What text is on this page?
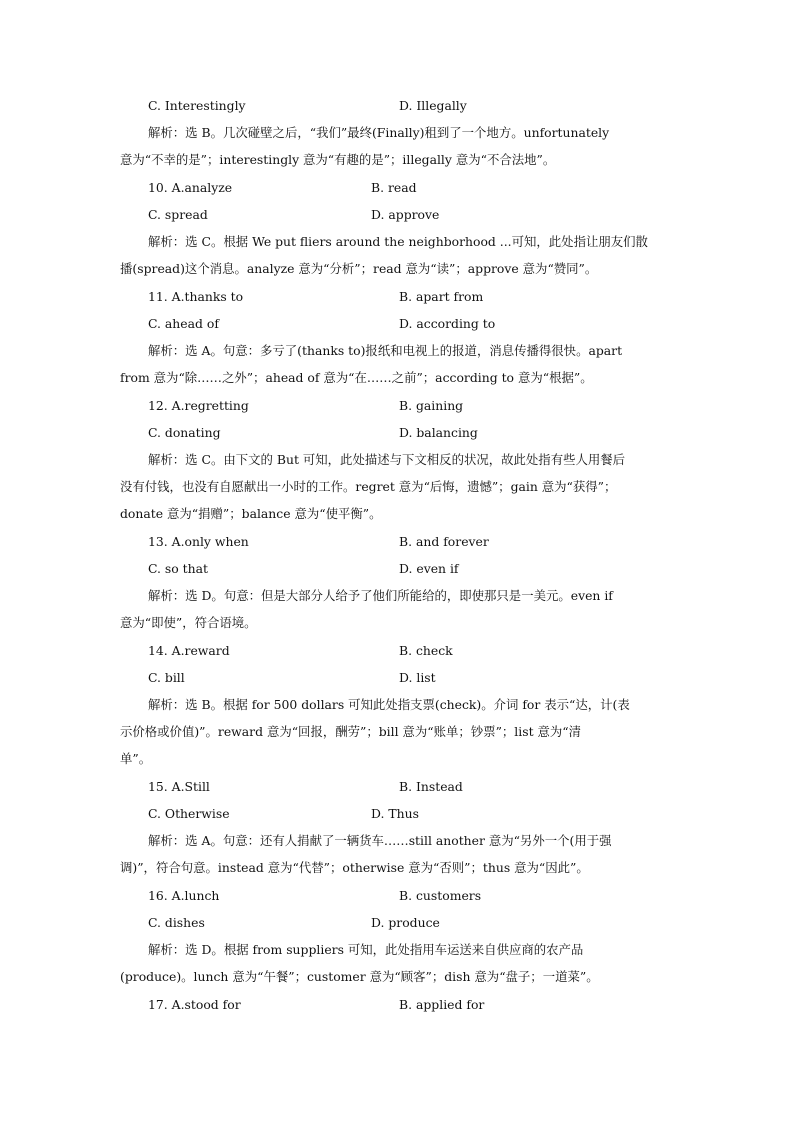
C. Interestingly	D. Illegally
解析：选 B。几次碰壁之后，“我们”最终(Finally)租到了一个地方。unfortunately
意为“不幸的是”；interestingly 意为“有趣的是”；illegally 意为“不合法地”。
10. A.analyze	B. read
C. spread	D. approve
解析：选 C。根据 We put fliers around the neighborhood ...可知，此处指让朋友们散
播(spread)这个消息。analyze 意为“分析”；read 意为“读”；approve 意为“赞同”。
11. A.thanks to	B. apart from
C. ahead of	D. according to
解析：选 A。句意：多亏了(thanks to)报纸和电视上的报道，消息传播得很快。apart
from 意为“除……之外”；ahead of 意为“在……之前”；according to 意为“根据”。
12. A.regretting	B. gaining
C. donating	D. balancing
解析：选 C。由下文的 But 可知，此处描述与下文相反的状况，故此处指有些人用餐后
没有付钱，也没有自愿献出一小时的工作。regret 意为“后悔，遗憾”；gain 意为“获得”；
donate 意为“捐赠”；balance 意为“使平衡”。
13. A.only when	B. and forever
C. so that	D. even if
解析：选 D。句意：但是大部分人给予了他们所能给的，即使那只是一美元。even if
意为“即使”，符合语境。
14. A.reward	B. check
C. bill	D. list
解析：选 B。根据 for 500 dollars 可知此处指支票(check)。介词 for 表示“达，计(表
示价格或价值)”。reward 意为“回报，酬劳”；bill 意为“账单；钞票”；list 意为“清
单”。
15. A.Still	B. Instead
C. Otherwise	D. Thus
解析：选 A。句意：还有人捐献了一辆货车……still another 意为“另外一个(用于强
调)”，符合句意。instead 意为“代替”；otherwise 意为“否则”；thus 意为“因此”。
16. A.lunch	B. customers
C. dishes	D. produce
解析：选 D。根据 from suppliers 可知，此处指用车运送来自供应商的农产品
(produce)。lunch 意为“午餐”；customer 意为“顾客”；dish 意为“盘子；一道菜”。
17. A.stood for	B. applied for
